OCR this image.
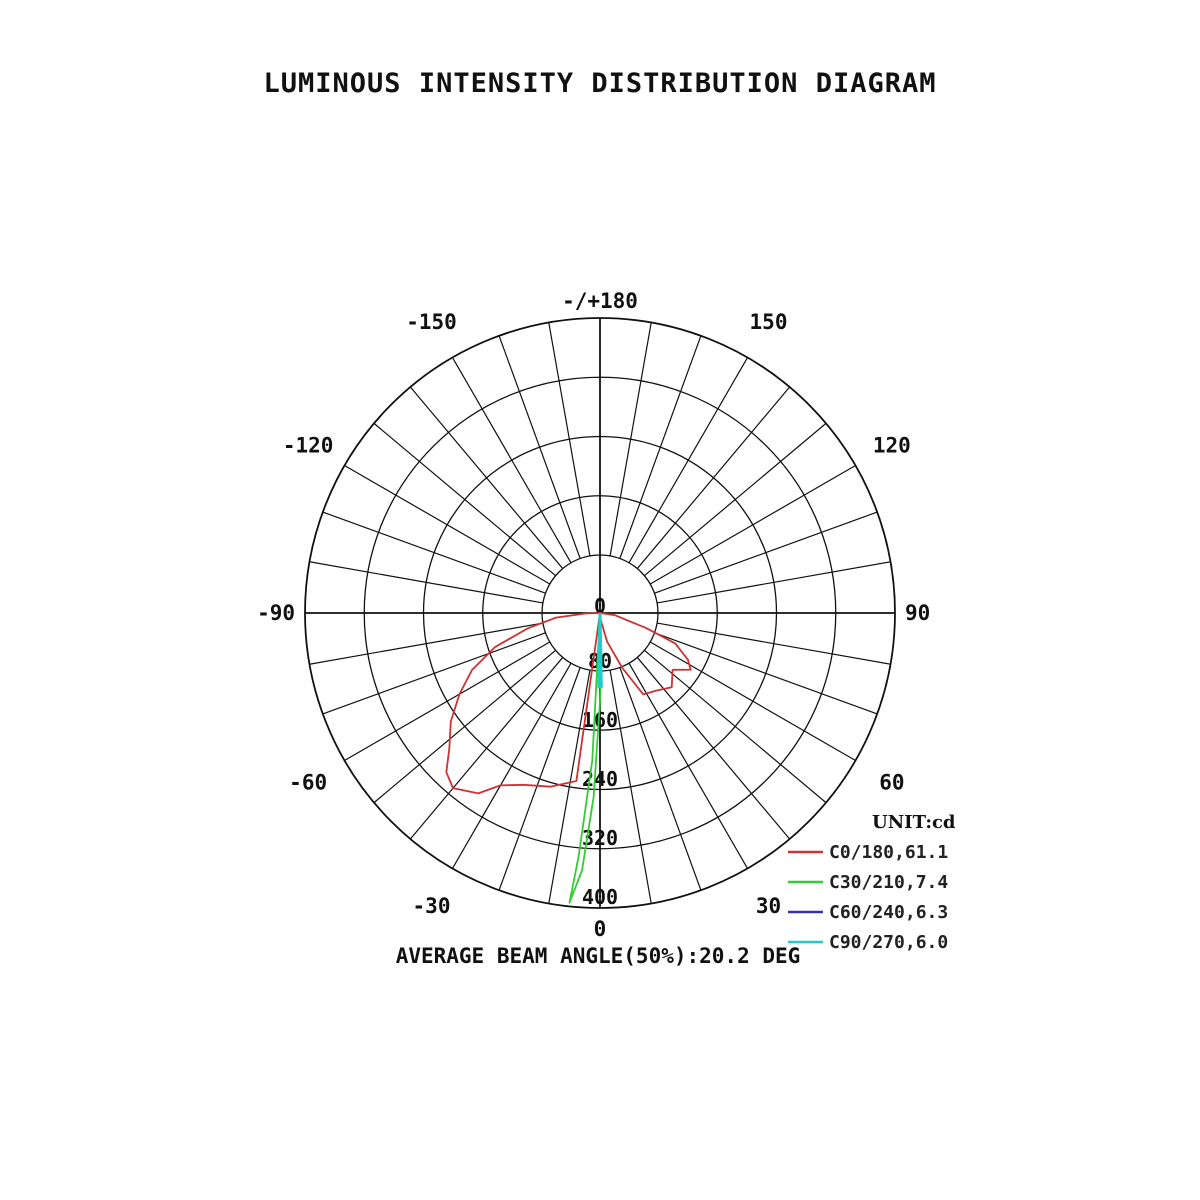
LUMINOUS INTENSITY DISTRIBUTION DIAGRAM
-/+180
-150	150
-120	120
-90	90
-60	60
-30	30
0
0
80
160
240
320
400
UNIT:cd
C0/180,61.1
C30/210,7.4
C60/240,6.3
C90/270,6.0
AVERAGE BEAM ANGLE(50%):20.2 DEG
